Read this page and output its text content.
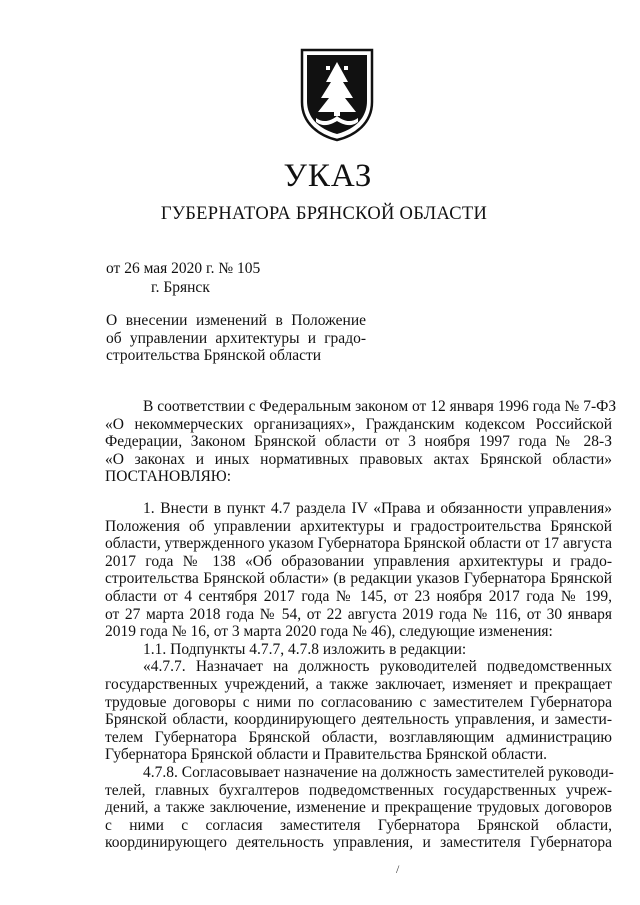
УКАЗ
ГУБЕРНАТОРА БРЯНСКОЙ ОБЛАСТИ
от 26 мая 2020 г. № 105
г. Брянск
О внесении изменений в Положение
об управлении архитектуры и градо-
строительства Брянской области
В соответствии с Федеральным законом от 12 января 1996 года № 7-ФЗ
«О некоммерческих организациях», Гражданским кодексом Российской
Федерации, Законом Брянской области от 3 ноября 1997 года № 28-З
«О законах и иных нормативных правовых актах Брянской области»
ПОСТАНОВЛЯЮ:
1. Внести в пункт 4.7 раздела IV «Права и обязанности управления»
Положения об управлении архитектуры и градостроительства Брянской
области, утвержденного указом Губернатора Брянской области от 17 августа
2017 года № 138 «Об образовании управления архитектуры и градо-
строительства Брянской области» (в редакции указов Губернатора Брянской
области от 4 сентября 2017 года № 145, от 23 ноября 2017 года № 199,
от 27 марта 2018 года № 54, от 22 августа 2019 года № 116, от 30 января
2019 года № 16, от 3 марта 2020 года № 46), следующие изменения:
1.1. Подпункты 4.7.7, 4.7.8 изложить в редакции:
«4.7.7. Назначает на должность руководителей подведомственных
государственных учреждений, а также заключает, изменяет и прекращает
трудовые договоры с ними по согласованию с заместителем Губернатора
Брянской области, координирующего деятельность управления, и замести-
телем Губернатора Брянской области, возглавляющим администрацию
Губернатора Брянской области и Правительства Брянской области.
4.7.8. Согласовывает назначение на должность заместителей руководи-
телей, главных бухгалтеров подведомственных государственных учреж-
дений, а также заключение, изменение и прекращение трудовых договоров
с ними с согласия заместителя Губернатора Брянской области,
координирующего деятельность управления, и заместителя Губернатора
/
